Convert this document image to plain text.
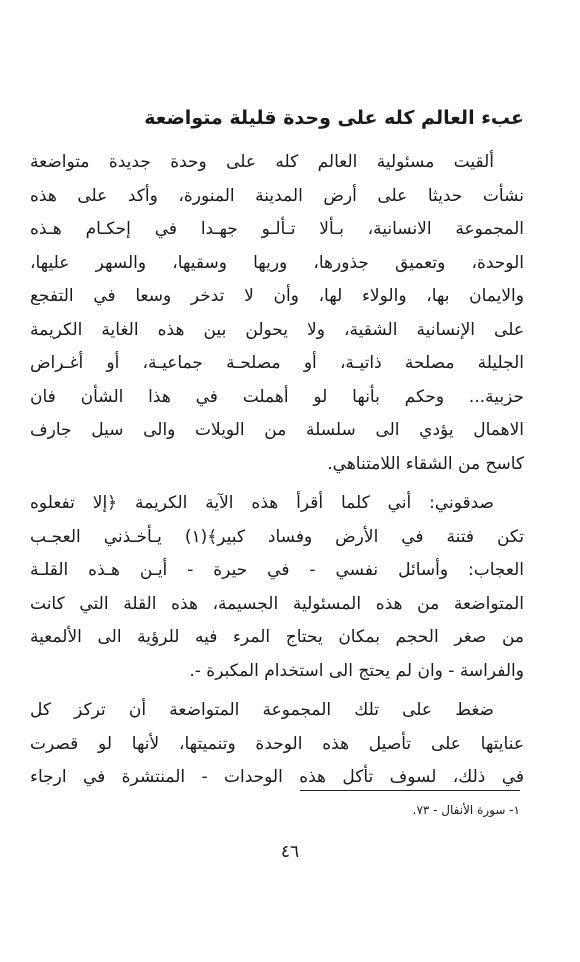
عبء العالم كله على وحدة قليلة متواضعة

ألقيت مسئولية العالم كله على وحدة جديدة متواضعة
نشأت حديثا على أرض المدينة المنورة، وأكد على هذه
المجموعة الانسانية، بـألا تـألـو جهـدا في إحكـام هـذه
الوحدة، وتعميق جذورها، وريها وسقيها، والسهر عليها،
والايمان بها، والولاء لها، وأن لا تدخر وسعا في التفجع
على الإنسانية الشقية، ولا يحولن بين هذه الغاية الكريمة
الجليلة مصلحة ذاتيـة، أو مصلحـة جماعيـة، أو أغـراض
حزبية... وحكم بأنها لو أهملت في هذا الشأن فان
الاهمال يؤدي الى سلسلة من الويلات والى سيل جارف
كاسح من الشقاء اللامتناهي.

صدقوني: أني كلما أقرأ هذه الآية الكريمة ﴿إلا تفعلوه
تكن فتنة في الأرض وفساد كبير﴾(١) يـأخـذني العجـب
العجاب: وأسائل نفسي - في حيرة - أيـن هـذه القلـة
المتواضعة من هذه المسئولية الجسيمة، هذه القلة التي كانت
من صغر الحجم بمكان يحتاج المرء فيه للرؤية الى الألمعية
والفراسة - وان لم يحتج الى استخدام المكبرة -.

ضغط على تلك المجموعة المتواضعة أن تركز كل
عنايتها على تأصيل هذه الوحدة وتنميتها، لأنها لو قصرت
في ذلك، لسوف تأكل هذه الوحدات - المنتشرة في ارجاء

١- سورة الأنفال - ٧٣.
٤٦
